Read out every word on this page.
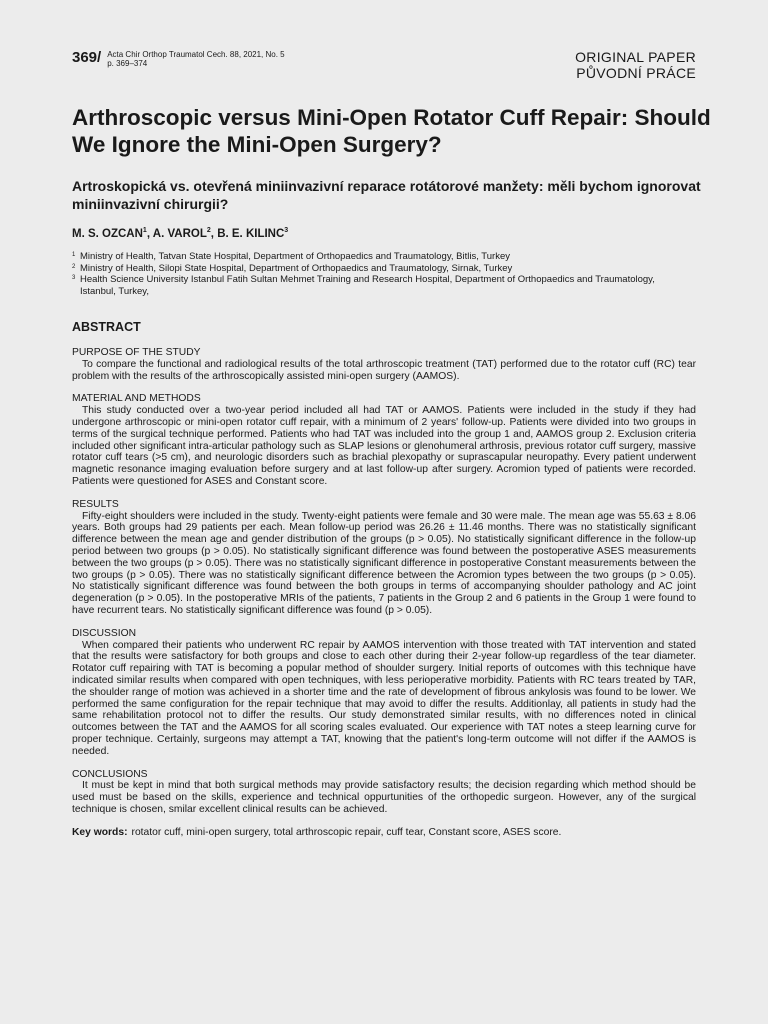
369/ Acta Chir Orthop Traumatol Cech. 88, 2021, No. 5
p. 369–374	ORIGINAL PAPER
PŮVODNÍ PRÁCE
Arthroscopic versus Mini-Open Rotator Cuff Repair: Should We Ignore the Mini-Open Surgery?
Artroskopická vs. otevřená miniinvazivní reparace rotátorové manžety: měli bychom ignorovat miniinvazivní chirurgii?
M. S. OZCAN$^1$, A. VAROL$^2$, B. E. KILINC$^3$
1 Ministry of Health, Tatvan State Hospital, Department of Orthopaedics and Traumatology, Bitlis, Turkey
2 Ministry of Health, Silopi State Hospital, Department of Orthopaedics and Traumatology, Sirnak, Turkey
3 Health Science University Istanbul Fatih Sultan Mehmet Training and Research Hospital, Department of Orthopaedics and Traumatology, Istanbul, Turkey,
ABSTRACT
PURPOSE OF THE STUDY

To compare the functional and radiological results of the total arthroscopic treatment (TAT) performed due to the rotator cuff (RC) tear problem with the results of the arthroscopically assisted mini-open surgery (AAMOS).

MATERIAL AND METHODS

This study conducted over a two-year period included all had TAT or AAMOS. Patients were included in the study if they had undergone arthroscopic or mini-open rotator cuff repair, with a minimum of 2 years' follow-up. Patients were divided into two groups in terms of the surgical technique performed. Patients who had TAT was included into the group 1 and, AAMOS group 2. Exclusion criteria included other significant intra-articular pathology such as SLAP lesions or glenohumeral arthrosis, previous rotator cuff surgery, massive rotator cuff tears (>5 cm), and neurologic disorders such as brachial plexopathy or suprascapular neuropathy. Every patient underwent magnetic resonance imaging evaluation before surgery and at last follow-up after surgery. Acromion typed of patients were recorded. Patients were questioned for ASES and Constant score.

RESULTS

Fifty-eight shoulders were included in the study. Twenty-eight patients were female and 30 were male. The mean age was 55.63 ± 8.06 years. Both groups had 29 patients per each. Mean follow-up period was 26.26 ± 11.46 months. There was no statistically significant difference between the mean age and gender distribution of the groups (p > 0.05). No statistically significant difference in the follow-up period between two groups (p > 0.05). No statistically significant difference was found between the postoperative ASES measurements between the two groups (p > 0.05). There was no statistically significant difference in postoperative Constant measurements between the two groups (p > 0.05). There was no statistically significant difference between the Acromion types between the two groups (p > 0.05). No statistically significant difference was found between the both groups in terms of accompanying shoulder pathology and AC joint degeneration (p > 0.05). In the postoperative MRIs of the patients, 7 patients in the Group 2 and 6 patients in the Group 1 were found to have recurrent tears. No statistically significant difference was found (p > 0.05).

DISCUSSION

When compared their patients who underwent RC repair by AAMOS intervention with those treated with TAT intervention and stated that the results were satisfactory for both groups and close to each other during their 2-year follow-up regardless of the tear diameter. Rotator cuff repairing with TAT is becoming a popular method of shoulder surgery. Initial reports of outcomes with this technique have indicated similar results when compared with open techniques, with less perioperative morbidity. Patients with RC tears treated by TAR, the shoulder range of motion was achieved in a shorter time and the rate of development of fibrous ankylosis was found to be lower. We performed the same configuration for the repair technique that may avoid to differ the results. Additionlay, all patients in study had the same rehabilitation protocol not to differ the results. Our study demonstrated similar results, with no differences noted in clinical outcomes between the TAT and the AAMOS for all scoring scales evaluated. Our experience with TAT notes a steep learning curve for proper technique. Certainly, surgeons may attempt a TAT, knowing that the patient's long-term outcome will not differ if the AAMOS is needed.

CONCLUSIONS

It must be kept in mind that both surgical methods may provide satisfactory results; the decision regarding which method should be used must be based on the skills, experience and technical oppurtunities of the orthopedic surgeon. However, any of the surgical technique is chosen, smilar excellent clinical results can be achieved.

Key words: rotator cuff, mini-open surgery, total arthroscopic repair, cuff tear, Constant score, ASES score.
